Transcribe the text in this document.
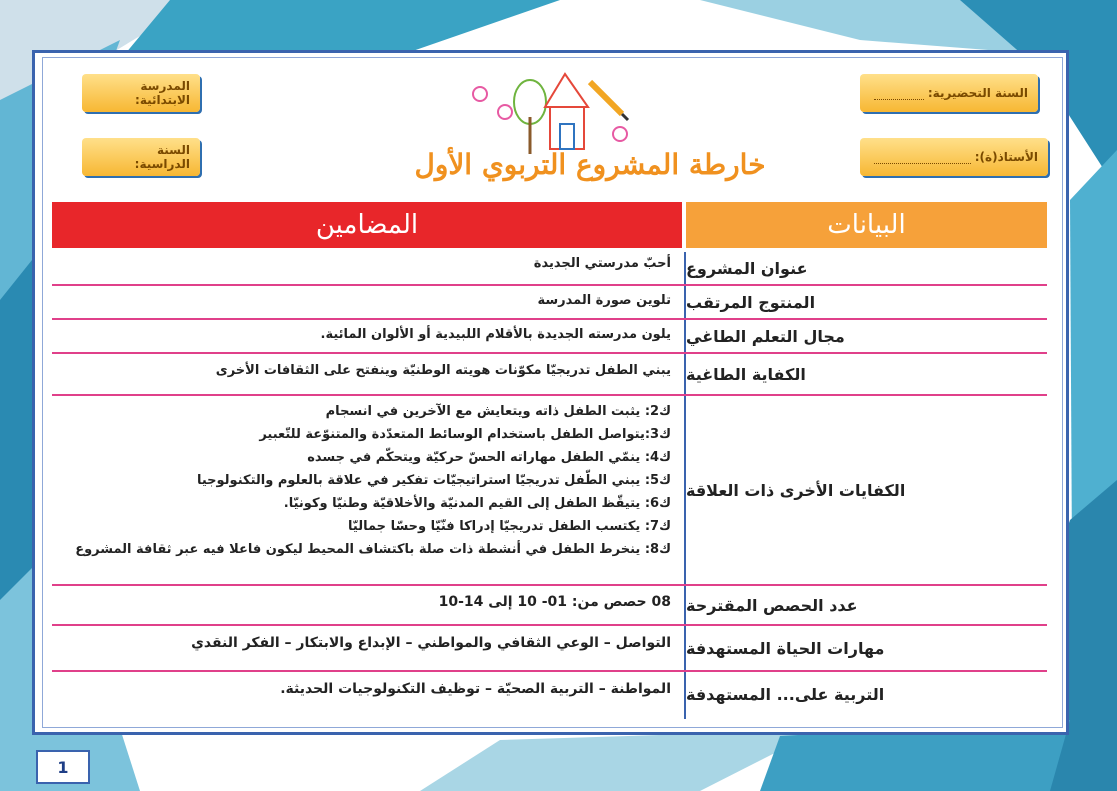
المدرسة الابتدائية:
السنة الدراسية:
السنة التحضيرية:
الأستاذ(ة):
خارطة المشروع التربوي الأول
المضامين	البيانات
أحبّ مدرستي الجديدة عنوان المشروع
تلوين صورة المدرسة المنتوج المرتقب
يلون مدرسته الجديدة بالأقلام اللبيدية أو الألوان المائية. مجال التعلم الطاغي
يبني الطفل تدريجيّا مكوّنات هويته الوطنيّة وينفتح على الثقافات الأخرى الكفاية الطاغية
ك2: يثبت الطفل ذاته ويتعايش مع الآخرين في انسجام
ك3:يتواصل الطفل باستخدام الوسائط المتعدّدة والمتنوّعة للتّعبير
ك4: ينمّي الطفل مهاراته الحسّ حركيّة ويتحكّم في جسده
ك5: يبني الطّفل تدريجيّا استراتيجيّات تفكير في علاقة بالعلوم والتكنولوجيا
ك6: يتيقّظ الطفل إلى القيم المدنيّة والأخلاقيّة وطنيّا وكونيّا.
ك7: يكتسب الطفل تدريجيّا إدراكا فنّيّا وحسّا جماليّا
ك8: ينخرط الطفل في أنشطة ذات صلة باكتشاف المحيط ليكون فاعلا فيه عبر ثقافة المشروع
الكفايات الأخرى ذات العلاقة
08 حصص من: 01- 10 إلى 14-10 عدد الحصص المقترحة
التواصل – الوعي الثقافي والمواطني – الإبداع والابتكار – الفكر النقدي مهارات الحياة المستهدفة
المواطنة – التربية الصحيّة – توظيف التكنولوجيات الحديثة. التربية على... المستهدفة
1
